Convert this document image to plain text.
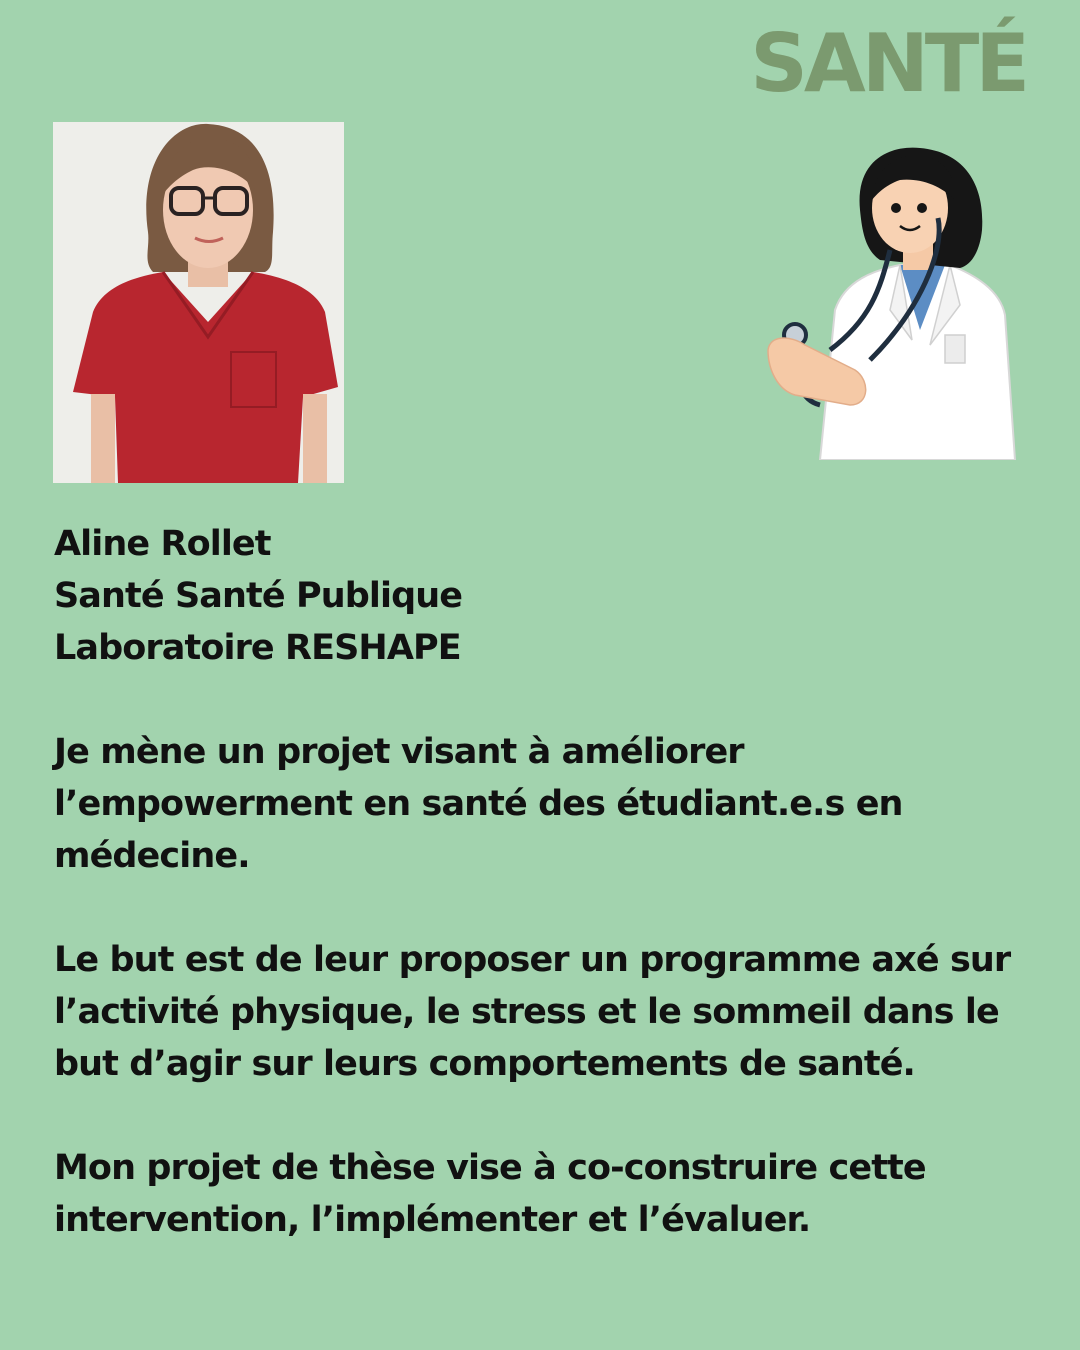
SANTÉ

Aline Rollet

Santé Santé Publique

Laboratoire RESHAPE

Je mène un projet visant à améliorer l’empowerment en santé des étudiant.e.s en médecine.

Le but est de leur proposer un programme axé sur l’activité physique, le stress et le sommeil dans le but d’agir sur leurs comportements de santé.

Mon projet de thèse vise à co-construire cette intervention, l’implémenter et l’évaluer.
